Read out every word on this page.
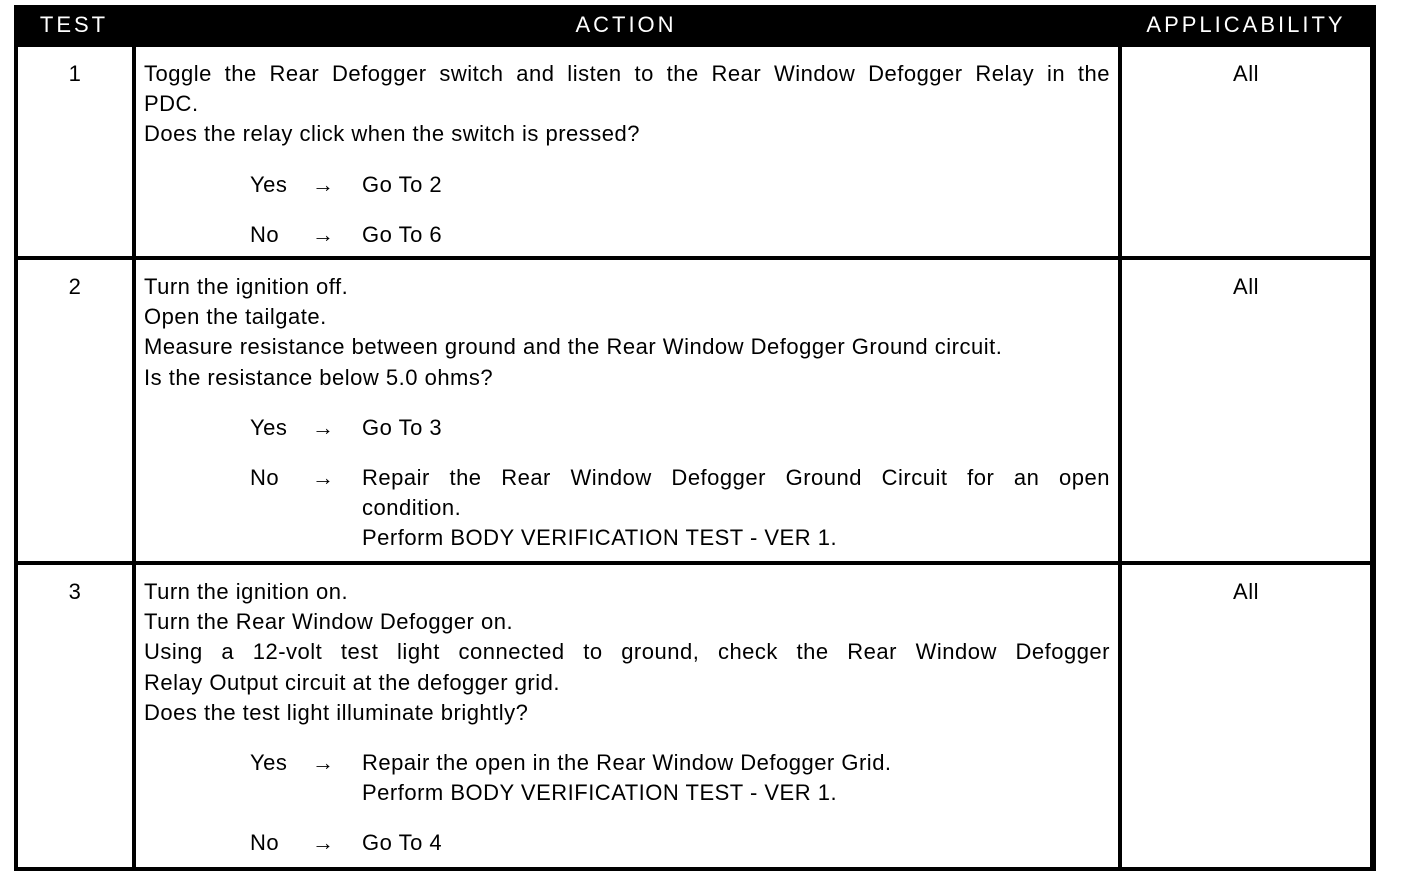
TEST	ACTION	APPLICABILITY
1	Toggle the Rear Defogger switch and listen to the Rear Window Defogger Relay in the
PDC.
Does the relay click when the switch is pressed?
Yes → Go To 2
No → Go To 6
All
2	Turn the ignition off.
Open the tailgate.
Measure resistance between ground and the Rear Window Defogger Ground circuit.
Is the resistance below 5.0 ohms?
Yes → Go To 3
No → Repair the Rear Window Defogger Ground Circuit for an open
condition.
Perform BODY VERIFICATION TEST - VER 1.
All
3	Turn the ignition on.
Turn the Rear Window Defogger on.
Using a 12-volt test light connected to ground, check the Rear Window Defogger
Relay Output circuit at the defogger grid.
Does the test light illuminate brightly?
Yes → Repair the open in the Rear Window Defogger Grid.
Perform BODY VERIFICATION TEST - VER 1.
No → Go To 4
All
